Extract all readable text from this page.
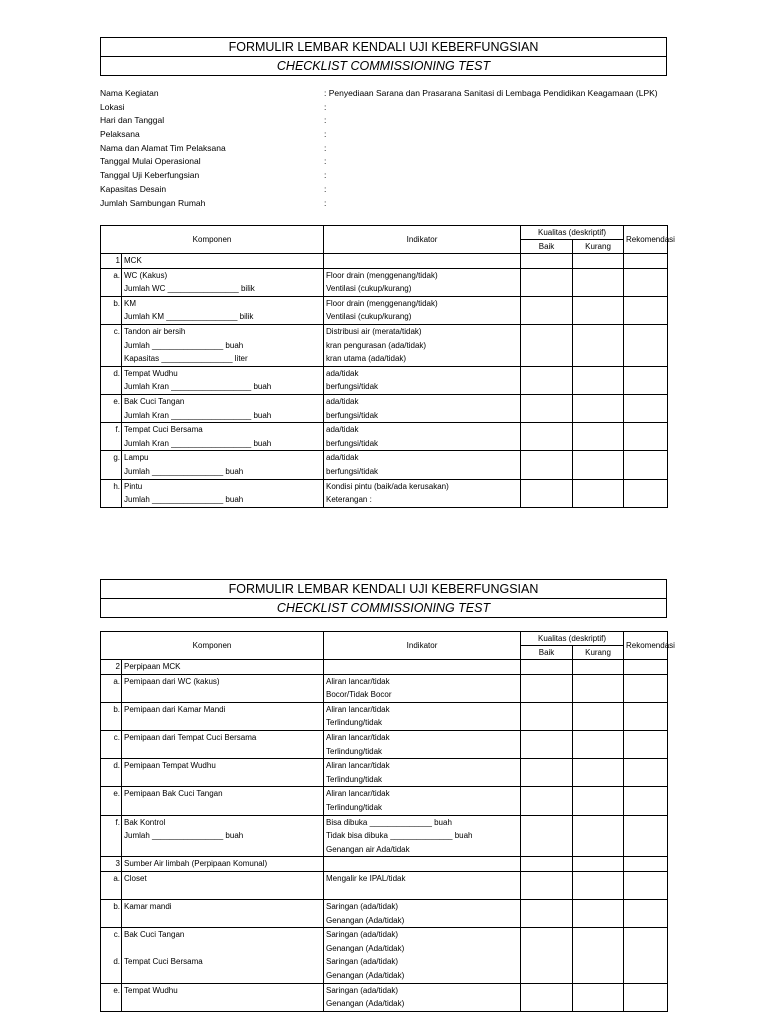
FORMULIR LEMBAR KENDALI UJI KEBERFUNGSIAN
CHECKLIST COMMISSIONING TEST
Nama Kegiatan	: Penyediaan Sarana dan Prasarana Sanitasi di Lembaga Pendidikan Keagamaan (LPK)
Lokasi	:
Hari dan Tanggal	:
Pelaksana	:
Nama dan Alamat Tim Pelaksana	:
Tanggal Mulai Operasional	:
Tanggal Uji Keberfungsian	:
Kapasitas Desain	:
Jumlah Sambungan Rumah	:
Komponen		Indikator	Kualitas (deskriptif)		Rekomendasi
			Baik	Kurang	
1	MCK				
a.	WC (Kakus)	Floor drain (menggenang/tidak)			
	Jumlah WC ________________ bilik	Ventilasi (cukup/kurang)			
b.	KM	Floor drain (menggenang/tidak)			
	Jumlah KM ________________ bilik	Ventilasi (cukup/kurang)			
c.	Tandon air bersih	Distribusi air (merata/tidak)			
	Jumlah ________________ buah	kran pengurasan (ada/tidak)			
	Kapasitas ________________ liter	kran utama (ada/tidak)			
d.	Tempat Wudhu	ada/tidak			
	Jumlah Kran __________________ buah	berfungsi/tidak			
e.	Bak Cuci Tangan	ada/tidak			
	Jumlah Kran __________________ buah	berfungsi/tidak			
f.	Tempat Cuci Bersama	ada/tidak			
	Jumlah Kran __________________ buah	berfungsi/tidak			
g.	Lampu	ada/tidak			
	Jumlah ________________ buah	berfungsi/tidak			
h.	Pintu	Kondisi pintu (baik/ada kerusakan)			
	Jumlah ________________ buah	Keterangan :			
FORMULIR LEMBAR KENDALI UJI KEBERFUNGSIAN
CHECKLIST COMMISSIONING TEST
Komponen		Indikator	Kualitas (deskriptif)		Rekomendasi
			Baik	Kurang	
2	Perpipaan MCK				
a.	Pemipaan dari WC (kakus)	Aliran lancar/tidak			
		Bocor/Tidak Bocor			
b.	Pemipaan dari Kamar Mandi	Aliran lancar/tidak			
		Terlindung/tidak			
c.	Pemipaan dari Tempat Cuci Bersama	Aliran lancar/tidak			
		Terlindung/tidak			
d.	Pemipaan Tempat Wudhu	Aliran lancar/tidak			
		Terlindung/tidak			
e.	Pemipaan Bak Cuci Tangan	Aliran lancar/tidak			
		Terlindung/tidak			
f.	Bak Kontrol	Bisa dibuka ______________ buah			
	Jumlah ________________ buah	Tidak bisa dibuka ______________ buah			
		Genangan air Ada/tidak			
3	Sumber Air limbah (Perpipaan Komunal)				
a.	Closet	Mengalir ke IPAL/tidak			

b.	Kamar mandi	Saringan (ada/tidak)			
		Genangan (Ada/tidak)			
c.	Bak Cuci Tangan	Saringan (ada/tidak)			
		Genangan (Ada/tidak)			
d.	Tempat Cuci Bersama	Saringan (ada/tidak)			
		Genangan (Ada/tidak)			
e.	Tempat Wudhu	Saringan (ada/tidak)			
		Genangan (Ada/tidak)			
